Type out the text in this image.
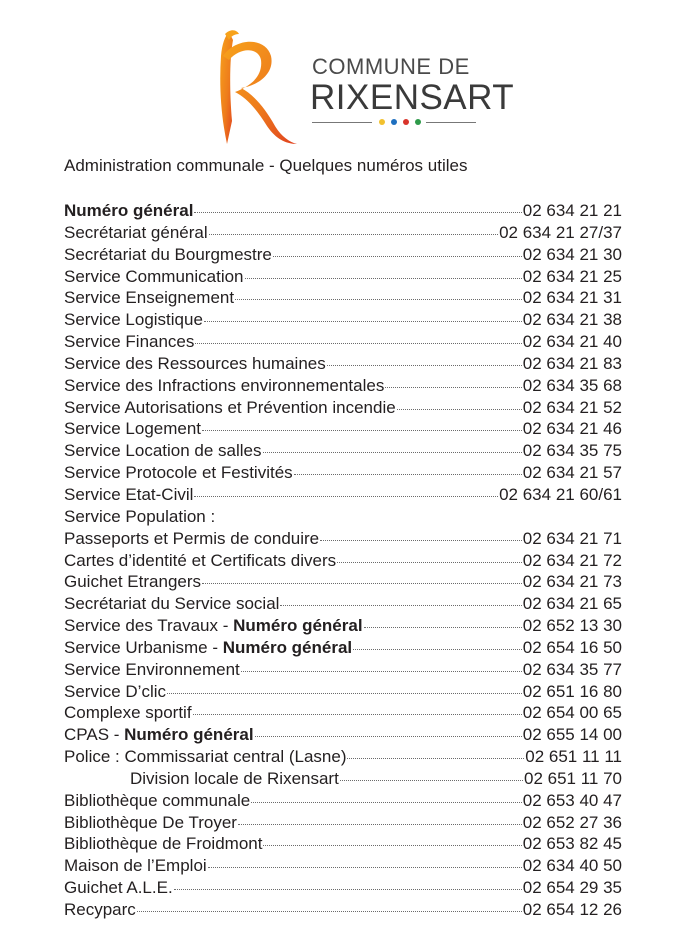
COMMUNE DE
RIXENSART
Administration communale - Quelques numéros utiles
Numéro général	02 634 21 21
Secrétariat général	02 634 21 27/37
Secrétariat du Bourgmestre	02 634 21 30
Service Communication	02 634 21 25
Service Enseignement	02 634 21 31
Service Logistique	02 634 21 38
Service Finances	02 634 21 40
Service des Ressources humaines	02 634 21 83
Service des Infractions environnementales	02 634 35 68
Service Autorisations et Prévention incendie	02 634 21 52
Service Logement	02 634 21 46
Service Location de salles	02 634 35 75
Service Protocole et Festivités	02 634 21 57
Service Etat-Civil	02 634 21 60/61
Service Population :
Passeports et Permis de conduire	02 634 21 71
Cartes d’identité et Certificats divers	02 634 21 72
Guichet Etrangers	02 634 21 73
Secrétariat du Service social	02 634 21 65
Service des Travaux - Numéro général	02 652 13 30
Service Urbanisme - Numéro général	02 654 16 50
Service Environnement	02 634 35 77
Service D’clic	02 651 16 80
Complexe sportif	02 654 00 65
CPAS - Numéro général	02 655 14 00
Police : Commissariat central (Lasne)	02 651 11 11
Division locale de Rixensart	02 651 11 70
Bibliothèque communale	02 653 40 47
Bibliothèque De Troyer	02 652 27 36
Bibliothèque de Froidmont	02 653 82 45
Maison de l’Emploi	02 634 40 50
Guichet A.L.E.	02 654 29 35
Recyparc	02 654 12 26
